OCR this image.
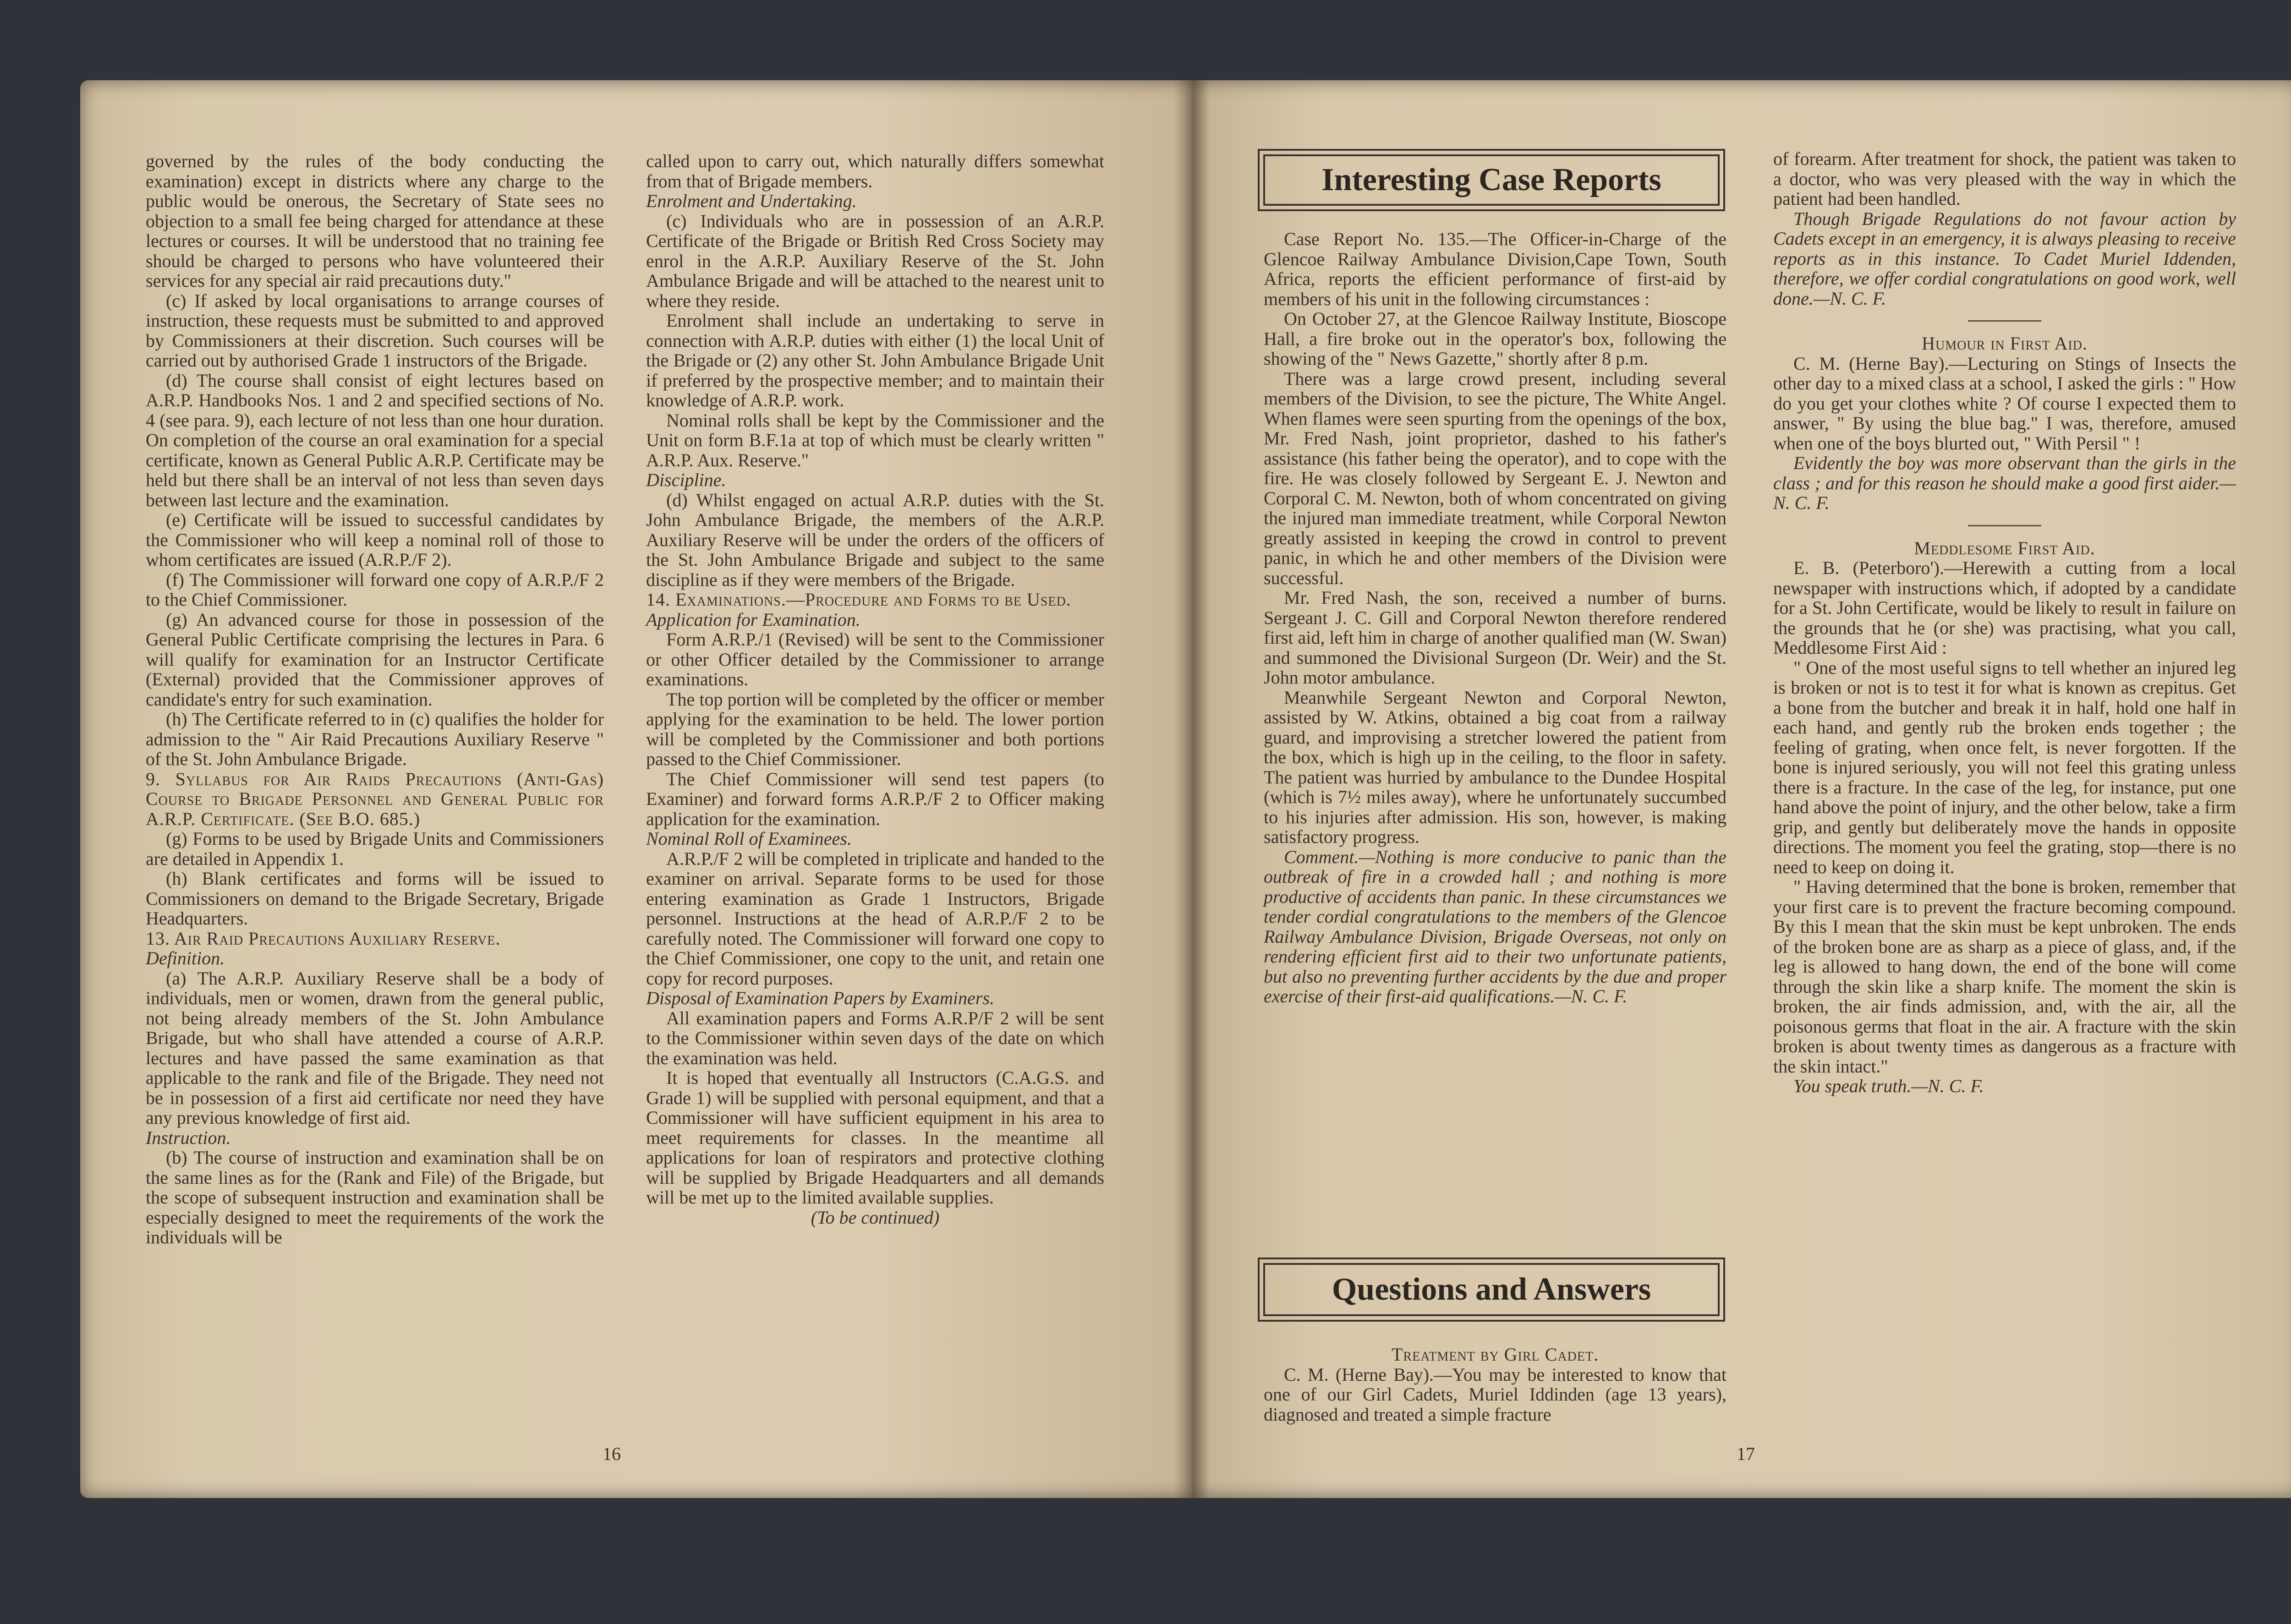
governed by the rules of the body conducting the examination) except in districts where any charge to the public would be onerous, the Secretary of State sees no objection to a small fee being charged for attendance at these lectures or courses. It will be understood that no training fee should be charged to persons who have volunteered their services for any special air raid precautions duty."

(c) If asked by local organisations to arrange courses of instruction, these requests must be submitted to and approved by Commissioners at their discretion. Such courses will be carried out by authorised Grade 1 instructors of the Brigade.

(d) The course shall consist of eight lectures based on A.R.P. Handbooks Nos. 1 and 2 and specified sections of No. 4 (see para. 9), each lecture of not less than one hour duration. On completion of the course an oral examination for a special certificate, known as General Public A.R.P. Certificate may be held but there shall be an interval of not less than seven days between last lecture and the examination.

(e) Certificate will be issued to successful candidates by the Commissioner who will keep a nominal roll of those to whom certificates are issued (A.R.P./F 2).

(f) The Commissioner will forward one copy of A.R.P./F 2 to the Chief Commissioner.

(g) An advanced course for those in possession of the General Public Certificate comprising the lectures in Para. 6 will qualify for examination for an Instructor Certificate (External) provided that the Commissioner approves of candidate's entry for such examination.

(h) The Certificate referred to in (c) qualifies the holder for admission to the " Air Raid Precautions Auxiliary Reserve " of the St. John Ambulance Brigade.

9. Syllabus for Air Raids Precautions (Anti-Gas) Course to Brigade Personnel and General Public for A.R.P. Certificate. (See B.O. 685.)

(g) Forms to be used by Brigade Units and Commissioners are detailed in Appendix 1.

(h) Blank certificates and forms will be issued to Commissioners on demand to the Brigade Secretary, Brigade Headquarters.

13. Air Raid Precautions Auxiliary Reserve.

Definition.

(a) The A.R.P. Auxiliary Reserve shall be a body of individuals, men or women, drawn from the general public, not being already members of the St. John Ambulance Brigade, but who shall have attended a course of A.R.P. lectures and have passed the same examination as that applicable to the rank and file of the Brigade. They need not be in possession of a first aid certificate nor need they have any previous knowledge of first aid.

Instruction.

(b) The course of instruction and examination shall be on the same lines as for the (Rank and File) of the Brigade, but the scope of subsequent instruction and examination shall be especially designed to meet the requirements of the work the individuals will be

called upon to carry out, which naturally differs somewhat from that of Brigade members.

Enrolment and Undertaking.

(c) Individuals who are in possession of an A.R.P. Certificate of the Brigade or British Red Cross Society may enrol in the A.R.P. Auxiliary Reserve of the St. John Ambulance Brigade and will be attached to the nearest unit to where they reside.

Enrolment shall include an undertaking to serve in connection with A.R.P. duties with either (1) the local Unit of the Brigade or (2) any other St. John Ambulance Brigade Unit if preferred by the prospective member; and to maintain their knowledge of A.R.P. work.

Nominal rolls shall be kept by the Commissioner and the Unit on form B.F.1a at top of which must be clearly written " A.R.P. Aux. Reserve."

Discipline.

(d) Whilst engaged on actual A.R.P. duties with the St. John Ambulance Brigade, the members of the A.R.P. Auxiliary Reserve will be under the orders of the officers of the St. John Ambulance Brigade and subject to the same discipline as if they were members of the Brigade.

14. Examinations.—Procedure and Forms to be Used.

Application for Examination.

Form A.R.P./1 (Revised) will be sent to the Commissioner or other Officer detailed by the Commissioner to arrange examinations.

The top portion will be completed by the officer or member applying for the examination to be held. The lower portion will be completed by the Commissioner and both portions passed to the Chief Commissioner.

The Chief Commissioner will send test papers (to Examiner) and forward forms A.R.P./F 2 to Officer making application for the examination.

Nominal Roll of Examinees.

A.R.P./F 2 will be completed in triplicate and handed to the examiner on arrival. Separate forms to be used for those entering examination as Grade 1 Instructors, Brigade personnel. Instructions at the head of A.R.P./F 2 to be carefully noted. The Commissioner will forward one copy to the Chief Commissioner, one copy to the unit, and retain one copy for record purposes.

Disposal of Examination Papers by Examiners.

All examination papers and Forms A.R.P/F 2 will be sent to the Commissioner within seven days of the date on which the examination was held.

It is hoped that eventually all Instructors (C.A.G.S. and Grade 1) will be supplied with personal equipment, and that a Commissioner will have sufficient equipment in his area to meet requirements for classes. In the meantime all applications for loan of respirators and protective clothing will be supplied by Brigade Headquarters and all demands will be met up to the limited available supplies.

(To be continued)

Interesting Case Reports

Case Report No. 135.—The Officer-in-Charge of the Glencoe Railway Ambulance Division,Cape Town, South Africa, reports the efficient performance of first-aid by members of his unit in the following circumstances :

On October 27, at the Glencoe Railway Institute, Bioscope Hall, a fire broke out in the operator's box, following the showing of the " News Gazette," shortly after 8 p.m.

There was a large crowd present, including several members of the Division, to see the picture, The White Angel. When flames were seen spurting from the openings of the box, Mr. Fred Nash, joint proprietor, dashed to his father's assistance (his father being the operator), and to cope with the fire. He was closely followed by Sergeant E. J. Newton and Corporal C. M. Newton, both of whom concentrated on giving the injured man immediate treatment, while Corporal Newton greatly assisted in keeping the crowd in control to prevent panic, in which he and other members of the Division were successful.

Mr. Fred Nash, the son, received a number of burns. Sergeant J. C. Gill and Corporal Newton therefore rendered first aid, left him in charge of another qualified man (W. Swan) and summoned the Divisional Surgeon (Dr. Weir) and the St. John motor ambulance.

Meanwhile Sergeant Newton and Corporal Newton, assisted by W. Atkins, obtained a big coat from a railway guard, and improvising a stretcher lowered the patient from the box, which is high up in the ceiling, to the floor in safety. The patient was hurried by ambulance to the Dundee Hospital (which is 7½ miles away), where he unfortunately succumbed to his injuries after admission. His son, however, is making satisfactory progress.

Comment.—Nothing is more conducive to panic than the outbreak of fire in a crowded hall ; and nothing is more productive of accidents than panic. In these circumstances we tender cordial congratulations to the members of the Glencoe Railway Ambulance Division, Brigade Overseas, not only on rendering efficient first aid to their two unfortunate patients, but also no preventing further accidents by the due and proper exercise of their first-aid qualifications.—N. C. F.

Questions and Answers

Treatment by Girl Cadet.

C. M. (Herne Bay).—You may be interested to know that one of our Girl Cadets, Muriel Iddinden (age 13 years), diagnosed and treated a simple fracture

of forearm. After treatment for shock, the patient was taken to a doctor, who was very pleased with the way in which the patient had been handled.

Though Brigade Regulations do not favour action by Cadets except in an emergency, it is always pleasing to receive reports as in this instance. To Cadet Muriel Iddenden, therefore, we offer cordial congratulations on good work, well done.—N. C. F.

Humour in First Aid.

C. M. (Herne Bay).—Lecturing on Stings of Insects the other day to a mixed class at a school, I asked the girls : " How do you get your clothes white ? Of course I expected them to answer, " By using the blue bag." I was, therefore, amused when one of the boys blurted out, " With Persil " !

Evidently the boy was more observant than the girls in the class ; and for this reason he should make a good first aider.—N. C. F.

Meddlesome First Aid.

E. B. (Peterboro').—Herewith a cutting from a local newspaper with instructions which, if adopted by a candidate for a St. John Certificate, would be likely to result in failure on the grounds that he (or she) was practising, what you call, Meddlesome First Aid :

" One of the most useful signs to tell whether an injured leg is broken or not is to test it for what is known as crepitus. Get a bone from the butcher and break it in half, hold one half in each hand, and gently rub the broken ends together ; the feeling of grating, when once felt, is never forgotten. If the bone is injured seriously, you will not feel this grating unless there is a fracture. In the case of the leg, for instance, put one hand above the point of injury, and the other below, take a firm grip, and gently but deliberately move the hands in opposite directions. The moment you feel the grating, stop—there is no need to keep on doing it.

" Having determined that the bone is broken, remember that your first care is to prevent the fracture becoming compound. By this I mean that the skin must be kept unbroken. The ends of the broken bone are as sharp as a piece of glass, and, if the leg is allowed to hang down, the end of the bone will come through the skin like a sharp knife. The moment the skin is broken, the air finds admission, and, with the air, all the poisonous germs that float in the air. A fracture with the skin broken is about twenty times as dangerous as a fracture with the skin intact."

You speak truth.—N. C. F.

16	17
